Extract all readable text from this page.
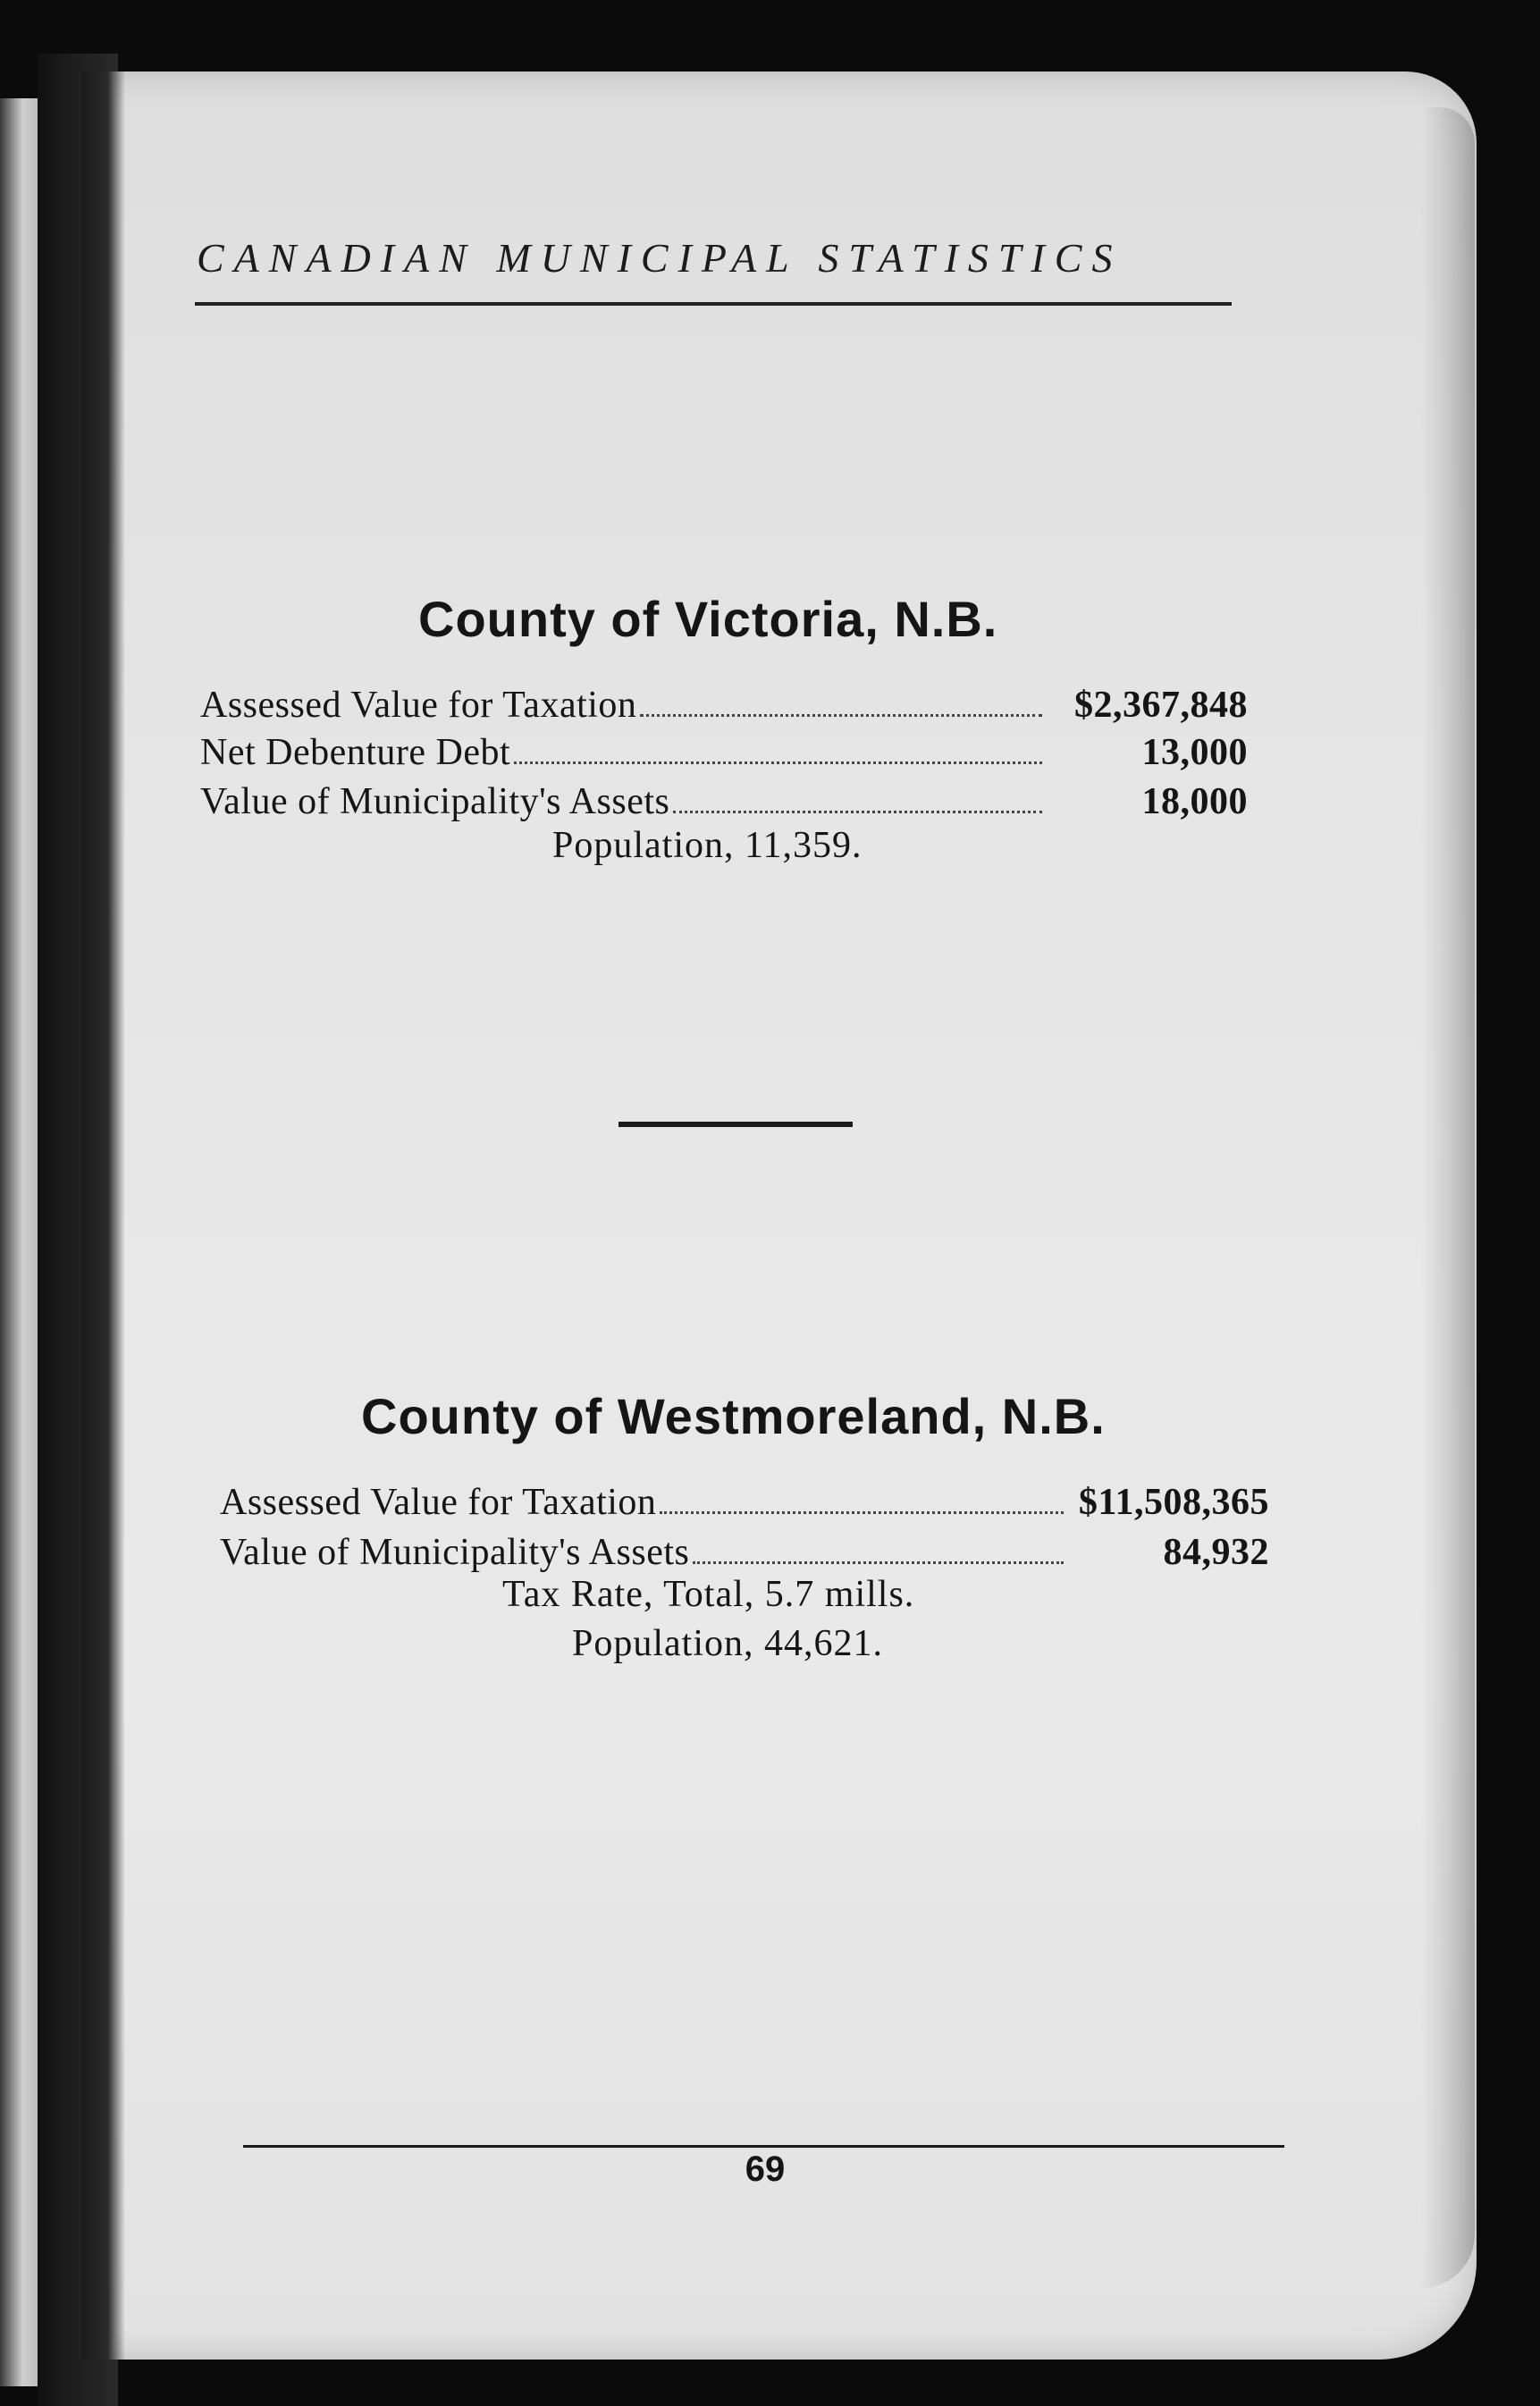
CANADIAN MUNICIPAL STATISTICS
County of Victoria, N.B.
Assessed Value for Taxation	$2,367,848
Net Debenture Debt	13,000
Value of Municipality's Assets	18,000
Population, 11,359.
County of Westmoreland, N.B.
Assessed Value for Taxation	$11,508,365
Value of Municipality's Assets	84,932
Tax Rate, Total, 5.7 mills.
Population, 44,621.
69
